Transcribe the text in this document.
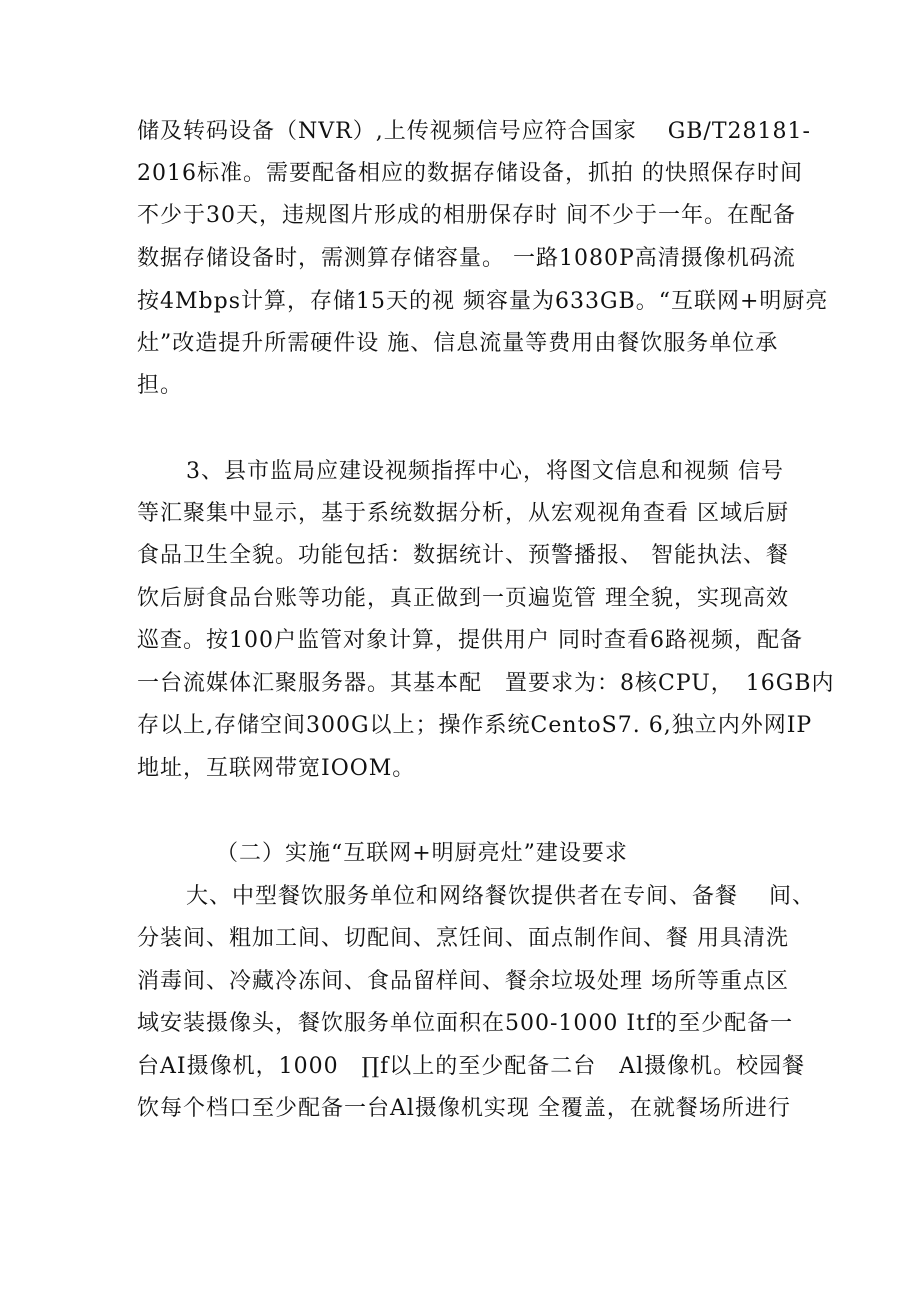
储及转码设备（NVR）,上传视频信号应符合国家　 GB/T28181-
2016标准。需要配备相应的数据存储设备，抓拍 的快照保存时间
不少于30天，违规图片形成的相册保存时 间不少于一年。在配备
数据存储设备时，需测算存储容量。 一路1080P高清摄像机码流
按4Mbps计算，存储15天的视 频容量为633GB。“互联网+明厨亮
灶”改造提升所需硬件设 施、信息流量等费用由餐饮服务单位承
担。
3、县市监局应建设视频指挥中心，将图文信息和视频 信号
等汇聚集中显示，基于系统数据分析，从宏观视角查看 区域后厨
食品卫生全貌。功能包括：数据统计、预警播报、 智能执法、餐
饮后厨食品台账等功能，真正做到一页遍览管 理全貌，实现高效
巡查。按100户监管对象计算，提供用户 同时查看6路视频，配备
一台流媒体汇聚服务器。其基本配　置要求为：8核CPU，　16GB内
存以上,存储空间300G以上；操作系统CentoS7. 6,独立内外网IP
地址，互联网带宽IOOM。
（二）实施“互联网+明厨亮灶”建设要求
大、中型餐饮服务单位和网络餐饮提供者在专间、备餐　 间、
分装间、粗加工间、切配间、烹饪间、面点制作间、餐 用具清洗
消毒间、冷藏冷冻间、食品留样间、餐余垃圾处理 场所等重点区
域安装摄像头，餐饮服务单位面积在500-1000 Itf的至少配备一
台AI摄像机，1000　∏f以上的至少配备二台　Al摄像机。校园餐
饮每个档口至少配备一台Al摄像机实现 全覆盖，在就餐场所进行
